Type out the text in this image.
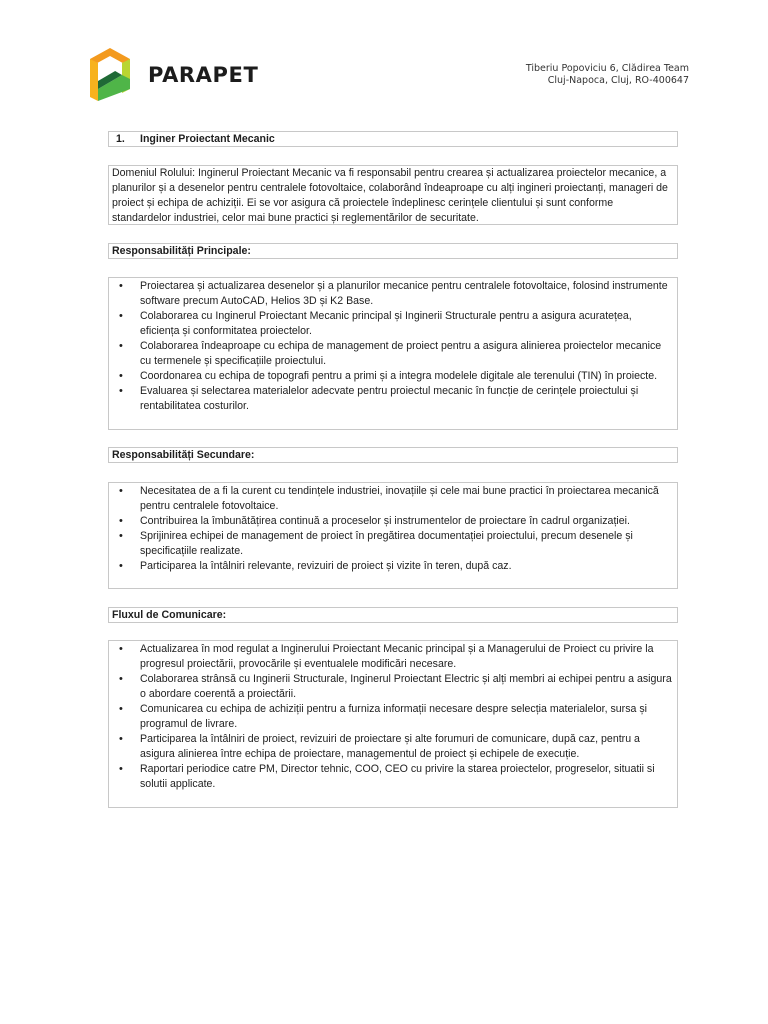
PARAPET	Tiberiu Popoviciu 6, Clădirea Team
Cluj-Napoca, Cluj, RO-400647
1. Inginer Proiectant Mecanic
Domeniul Rolului: Inginerul Proiectant Mecanic va fi responsabil pentru crearea și actualizarea proiectelor mecanice, a planurilor și a desenelor pentru centralele fotovoltaice, colaborând îndeaproape cu alți ingineri proiectanți, manageri de proiect și echipa de achiziții. Ei se vor asigura că proiectele îndeplinesc cerințele clientului și sunt conforme standardelor industriei, celor mai bune practici și reglementărilor de securitate.
Responsabilități Principale:
• Proiectarea și actualizarea desenelor și a planurilor mecanice pentru centralele fotovoltaice, folosind instrumente software precum AutoCAD, Helios 3D și K2 Base.
• Colaborarea cu Inginerul Proiectant Mecanic principal și Inginerii Structurale pentru a asigura acuratețea, eficiența și conformitatea proiectelor.
• Colaborarea îndeaproape cu echipa de management de proiect pentru a asigura alinierea proiectelor mecanice cu termenele și specificațiile proiectului.
• Coordonarea cu echipa de topografi pentru a primi și a integra modelele digitale ale terenului (TIN) în proiecte.
• Evaluarea și selectarea materialelor adecvate pentru proiectul mecanic în funcție de cerințele proiectului și rentabilitatea costurilor.
Responsabilități Secundare:
• Necesitatea de a fi la curent cu tendințele industriei, inovațiile și cele mai bune practici în proiectarea mecanică pentru centralele fotovoltaice.
• Contribuirea la îmbunătățirea continuă a proceselor și instrumentelor de proiectare în cadrul organizației.
• Sprijinirea echipei de management de proiect în pregătirea documentației proiectului, precum desenele și specificațiile realizate.
• Participarea la întâlniri relevante, revizuiri de proiect și vizite în teren, după caz.
Fluxul de Comunicare:
• Actualizarea în mod regulat a Inginerului Proiectant Mecanic principal și a Managerului de Proiect cu privire la progresul proiectării, provocările și eventualele modificări necesare.
• Colaborarea strânsă cu Inginerii Structurale, Inginerul Proiectant Electric și alți membri ai echipei pentru a asigura o abordare coerentă a proiectării.
• Comunicarea cu echipa de achiziții pentru a furniza informații necesare despre selecția materialelor, sursa și programul de livrare.
• Participarea la întâlniri de proiect, revizuiri de proiectare și alte forumuri de comunicare, după caz, pentru a asigura alinierea între echipa de proiectare, managementul de proiect și echipele de execuție.
• Raportari periodice catre PM, Director tehnic, COO, CEO cu privire la starea proiectelor, progreselor, situatii si solutii applicate.
